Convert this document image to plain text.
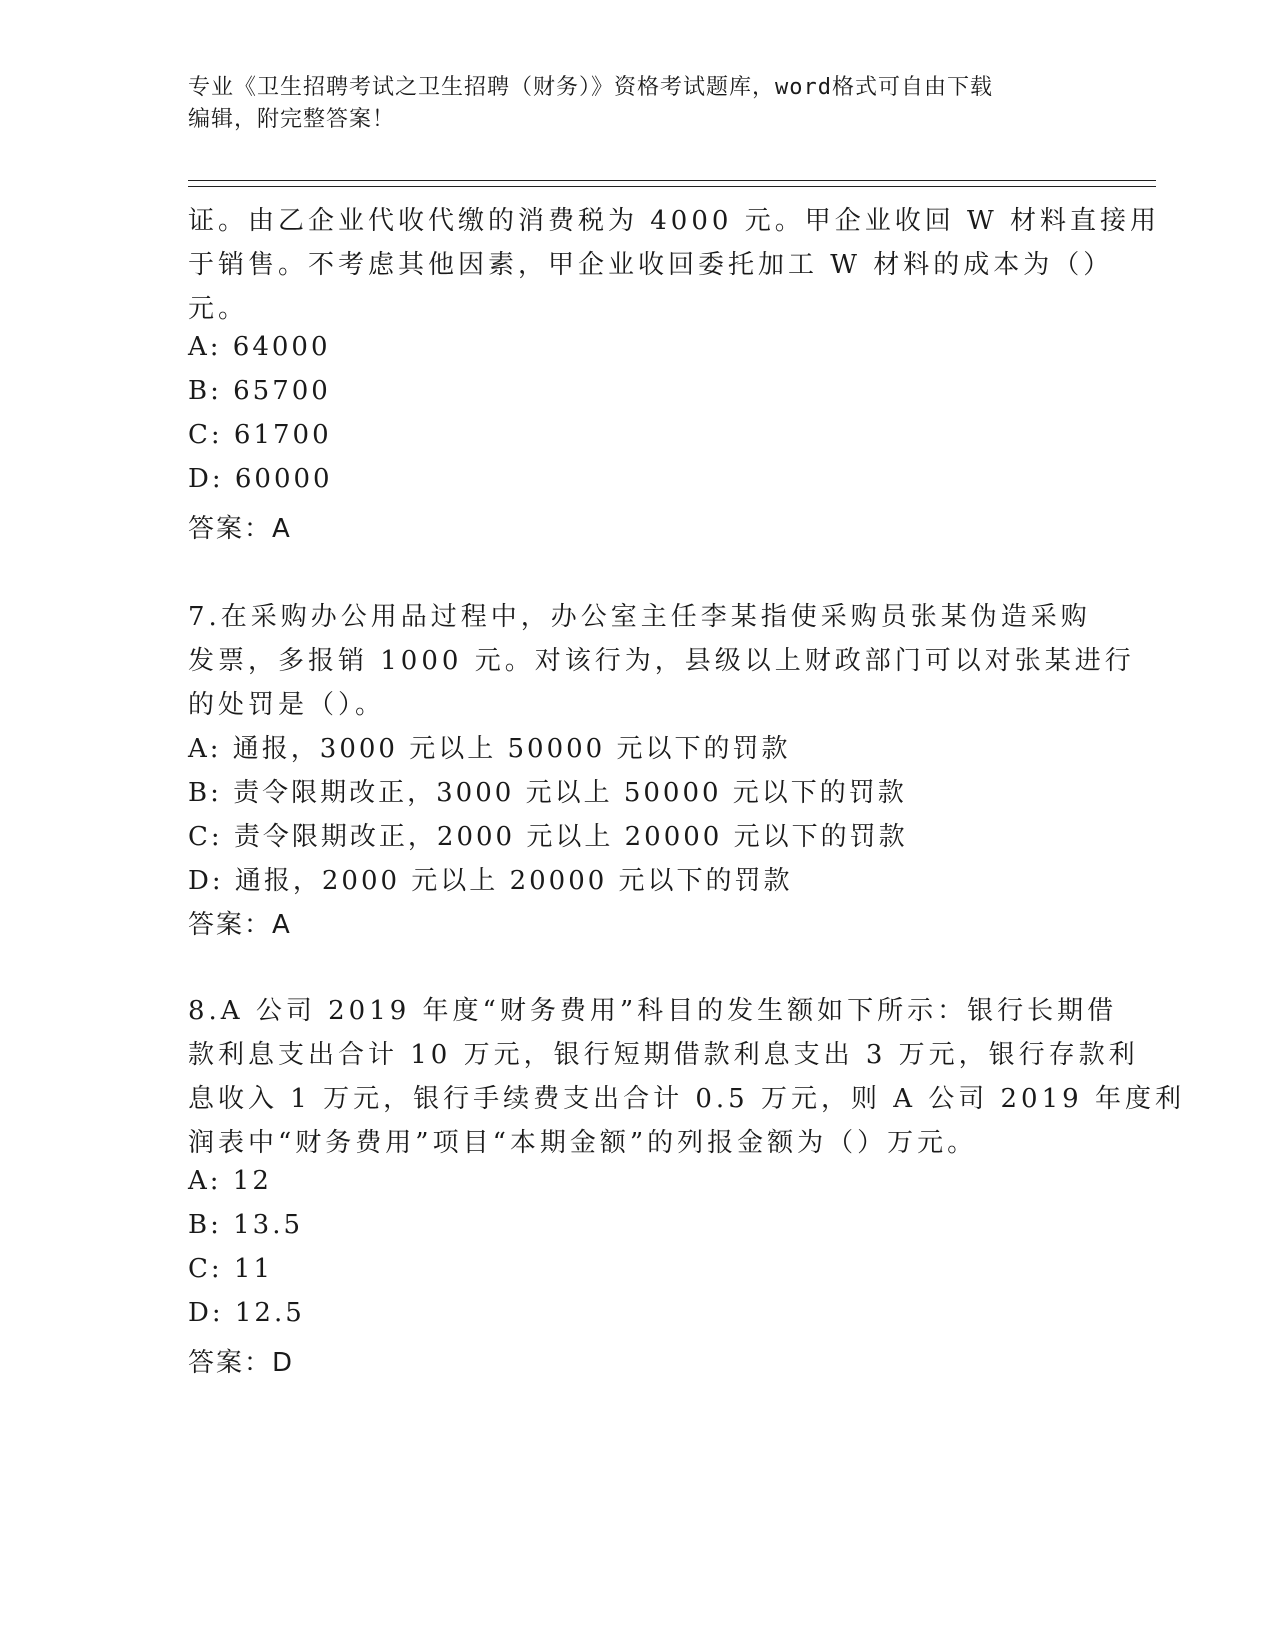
专业《卫生招聘考试之卫生招聘（财务）》资格考试题库，word格式可自由下载
编辑，附完整答案！
证。由乙企业代收代缴的消费税为 4000 元。甲企业收回 W 材料直接用
于销售。不考虑其他因素，甲企业收回委托加工 W 材料的成本为（）
元。
A: 64000
B: 65700
C: 61700
D: 60000
答案：A
7.在采购办公用品过程中，办公室主任李某指使采购员张某伪造采购
发票，多报销 1000 元。对该行为，县级以上财政部门可以对张某进行
的处罚是（）。
A: 通报，3000 元以上 50000 元以下的罚款
B: 责令限期改正，3000 元以上 50000 元以下的罚款
C: 责令限期改正，2000 元以上 20000 元以下的罚款
D: 通报，2000 元以上 20000 元以下的罚款
答案：A
8.A 公司 2019 年度“财务费用”科目的发生额如下所示：银行长期借
款利息支出合计 10 万元，银行短期借款利息支出 3 万元，银行存款利
息收入 1 万元，银行手续费支出合计 0.5 万元，则 A 公司 2019 年度利
润表中“财务费用”项目“本期金额”的列报金额为（）万元。
A: 12
B: 13.5
C: 11
D: 12.5
答案：D
